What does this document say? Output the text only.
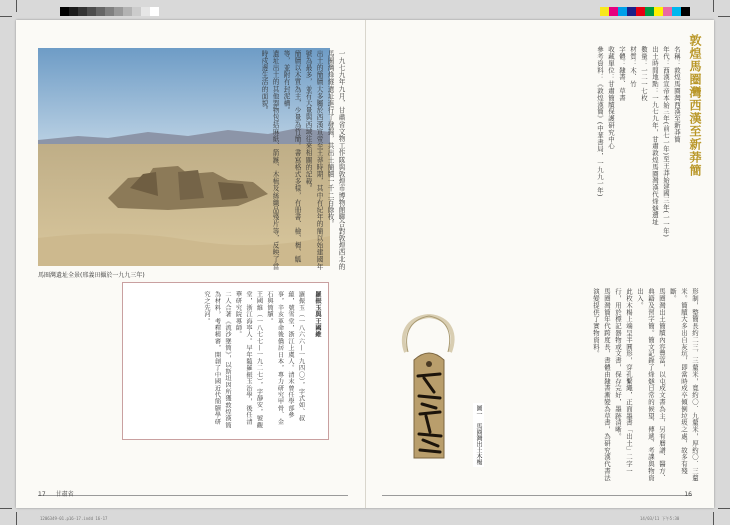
馬圈灣遺址全景(邢義田攝於一九九三年)

一九七九年九月，甘肅省文物工作隊與敦煌市博物館聯合對敦煌西北的馬圈灣烽燧遺址進行了發掘，共出土簡牘一千二百餘枚。

出土的簡牘大多屬於西漢宣帝至王莽時期，其中有紀年的簡以始建國年號為最多，並有大量與西域往來相關的記載。

簡牘以木質為主，少量為竹簡。書寫格式多樣，有冊書、檢、楬、觚等，並附有封泥槽。

遺址出土的其他器物包括麻紙、箭鏃、木梳及絲織品殘片等，反映了當時戍邊生活的面貌。

羅振玉與王國維

羅振玉（一八六六—一九四〇），字式如、叔蘊，號雪堂，浙江上虞人。清末曾任學部參事，辛亥革命後僑居日本，專力研究甲骨、金石與簡牘。

王國維（一八七七—一九二七），字靜安，號觀堂，浙江海寧人。早年隨羅振玉治學，後任清華研究院導師。

二人合著《流沙墜簡》，以斯坦因所獲敦煌漢簡為材料，考釋精審，開創了中國近代簡牘學研究之先河。

17 甘肅省
敦煌馬圈灣西漢至新莽簡
名稱：敦煌馬圈灣西漢至新莽簡
年代：西漢宣帝本始三年(前七一年)至王莽始建國三年(一一年)
出土時間地點：一九七九年，甘肅敦煌馬圈灣漢代烽燧遺址
數量：一二一七枚
材質：木、竹
字體：隸書、草書
收藏單位：甘肅簡牘保護研究中心
參考資料：《敦煌漢簡》(中華書局，一九九一年)

形制，整簡長約二三．三釐米，寬約〇．九釐米，厚約〇．三釐米。簡牘大多出自灰坑，即當時戍卒傾倒垃圾之處，故多有殘斷。

馬圈灣出土簡牘內容豐富，以屯戍文書為主，另有曆譜、醫方、典籍及習字簡。簡文記錄了烽燧日常的候望、傳遞、考課與物資出入。

此枚木楬上端呈半圓形，穿孔繫繩，正面墨書「出土」二字一行，用於標記器物或文書，保存完好，墨跡清晰。

馬圈灣簡年代跨度長，書體由隸書漸變為草書，為研究漢代書法演變提供了實物資料。

圖一　馬圈灣出土木楬
16
1206349-01.p16-17.indd 16-17	14/03/11 下午5:30
